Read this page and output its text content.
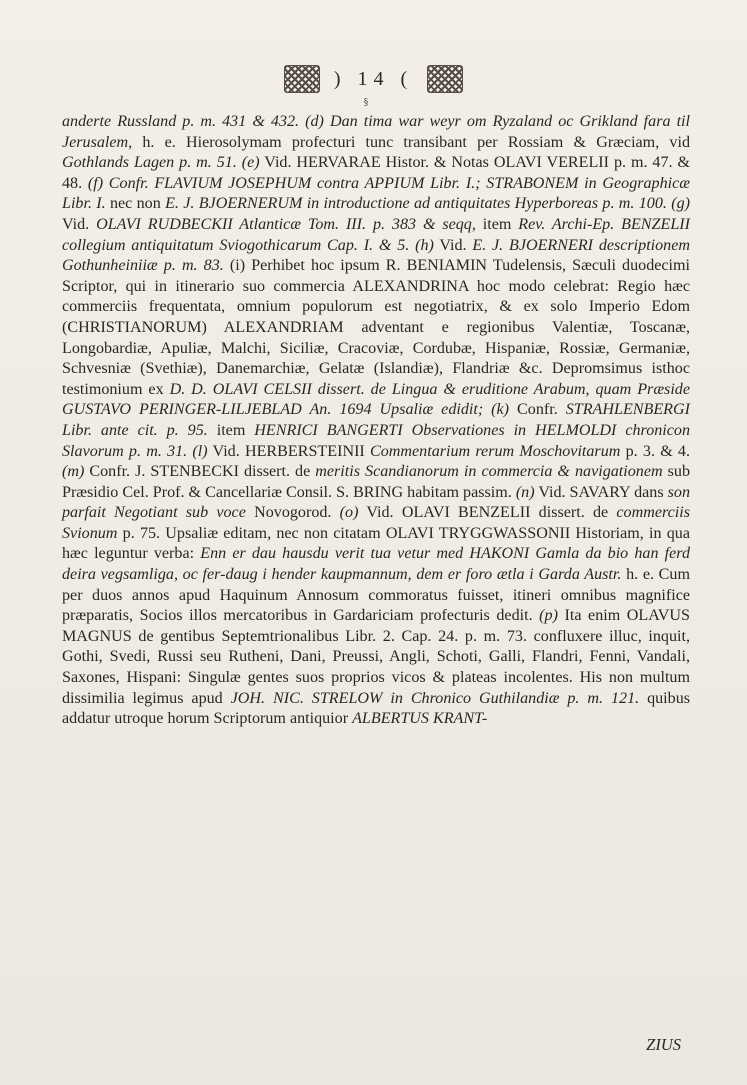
) 14 (
§

anderte Russland p. m. 431 & 432. (d) Dan tima war weyr om Ryzaland oc Grikland fara til Jerusalem, h. e. Hierosolymam profecturi tunc transibant per Rossiam & Græciam, vid Gothlands Lagen p. m. 51. (e) Vid. HERVARAE Histor. & Notas OLAVI VERELII p. m. 47. & 48. (f) Confr. FLAVIUM JOSEPHUM contra APPIUM Libr. I.; STRABONEM in Geographicæ Libr. I. nec non E. J. BJOERNERUM in introductione ad antiquitates Hyperboreas p. m. 100. (g) Vid. OLAVI RUDBECKII Atlanticæ Tom. III. p. 383 & seqq, item Rev. Archi-Ep. BENZELII collegium antiquitatum Sviogothicarum Cap. I. & 5. (h) Vid. E. J. BJOERNERI descriptionem Gothunheiniiæ p. m. 83. (i) Perhibet hoc ipsum R. BENIAMIN Tudelensis, Sæculi duodecimi Scriptor, qui in itinerario suo commercia ALEXANDRINA hoc modo celebrat: Regio hæc commerciis frequentata, omnium populorum est negotiatrix, & ex solo Imperio Edom (CHRISTIANORUM) ALEXANDRIAM adventant e regionibus Valentiæ, Toscanæ, Longobardiæ, Apuliæ, Malchi, Siciliæ, Cracoviæ, Cordubæ, Hispaniæ, Rossiæ, Germaniæ, Schvesniæ (Svethiæ), Danemarchiæ, Gelatæ (Islandiæ), Flandriæ &c. Depromsimus isthoc testimonium ex D. D. OLAVI CELSII dissert. de Lingua & eruditione Arabum, quam Præside GUSTAVO PERINGER-LILJEBLAD An. 1694 Upsaliæ edidit; (k) Confr. STRAHLENBERGI Libr. ante cit. p. 95. item HENRICI BANGERTI Observationes in HELMOLDI chronicon Slavorum p. m. 31. (l) Vid. HERBERSTEINII Commentarium rerum Moschovitarum p. 3. & 4. (m) Confr. J. STENBECKI dissert. de meritis Scandianorum in commercia & navigationem sub Præsidio Cel. Prof. & Cancellariæ Consil. S. BRING habitam passim. (n) Vid. SAVARY dans son parfait Negotiant sub voce Novogorod. (o) Vid. OLAVI BENZELII dissert. de commerciis Svionum p. 75. Upsaliæ editam, nec non citatam OLAVI TRYGGWASSONII Historiam, in qua hæc leguntur verba: Enn er dau hausdu verit tua vetur med HAKONI Gamla da bio han ferd deira vegsamliga, oc fer-daug i hender kaupmannum, dem er foro ætla i Garda Austr. h. e. Cum per duos annos apud Haquinum Annosum commoratus fuisset, itineri omnibus magnifice præparatis, Socios illos mercatoribus in Gardariciam profecturis dedit. (p) Ita enim OLAVUS MAGNUS de gentibus Septemtrionalibus Libr. 2. Cap. 24. p. m. 73. confluxere illuc, inquit, Gothi, Svedi, Russi seu Rutheni, Dani, Preussi, Angli, Schoti, Galli, Flandri, Fenni, Vandali, Saxones, Hispani: Singulæ gentes suos proprios vicos & plateas incolentes. His non multum dissimilia legimus apud JOH. NIC. STRELOW in Chronico Guthilandiæ p. m. 121. quibus addatur utroque horum Scriptorum antiquior ALBERTUS KRANT-

ZIUS
